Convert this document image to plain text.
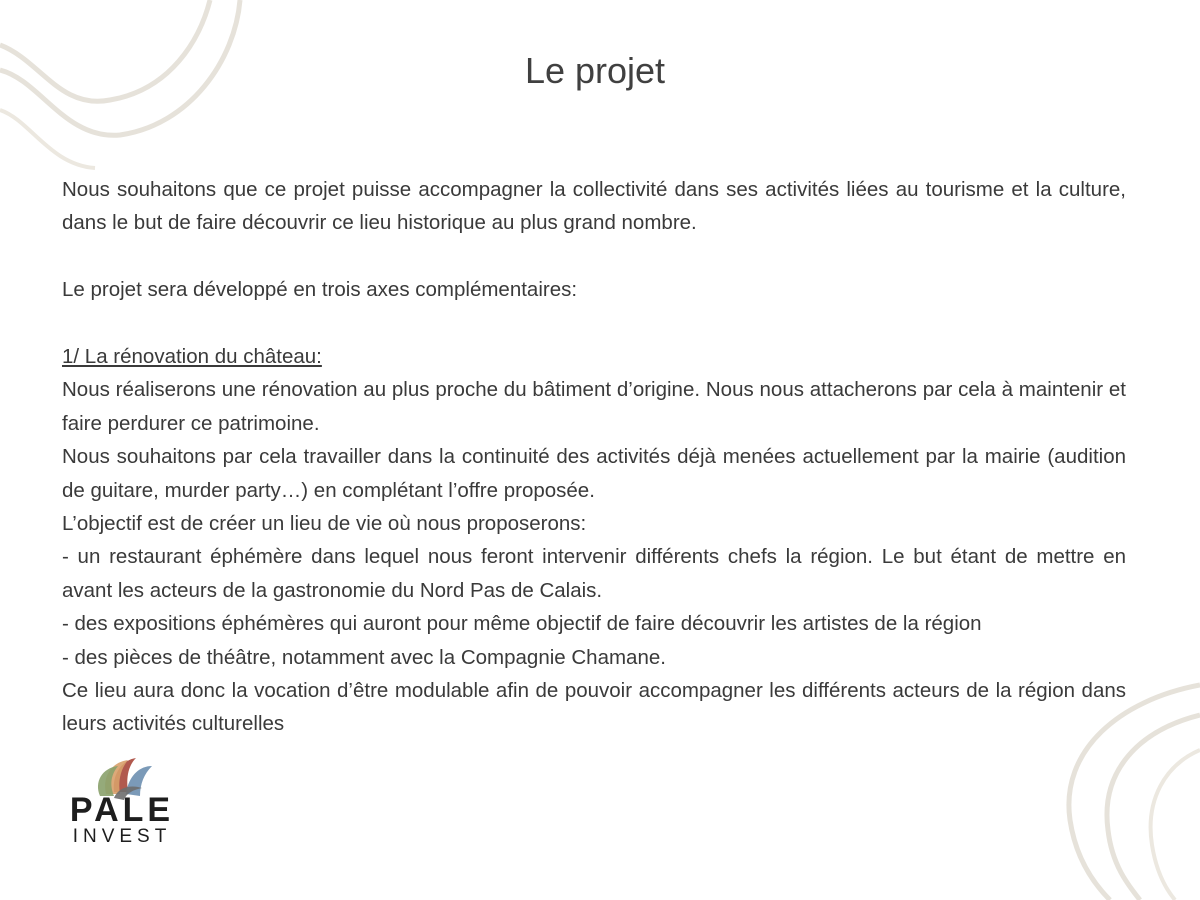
Le projet

Nous souhaitons que ce projet puisse accompagner la collectivité dans ses activités liées au tourisme et la culture, dans le but de faire découvrir ce lieu historique au plus grand nombre.

Le projet sera développé en trois axes complémentaires:

1/ La rénovation du château:

Nous réaliserons une rénovation au plus proche du bâtiment d’origine. Nous nous attacherons par cela à maintenir et faire perdurer ce patrimoine.

Nous souhaitons par cela travailler dans la continuité des activités déjà menées actuellement par la mairie (audition de guitare, murder party…) en complétant l’offre proposée.

L’objectif est de créer un lieu de vie où nous proposerons:

- un restaurant éphémère dans lequel nous feront intervenir différents chefs la région. Le but étant de mettre en avant les acteurs de la gastronomie du Nord Pas de Calais.

- des expositions éphémères qui auront pour même objectif de faire découvrir les artistes de la région

- des pièces de théâtre, notamment avec la Compagnie Chamane.

Ce lieu aura donc la vocation d’être modulable afin de pouvoir accompagner les différents acteurs de la région dans leurs activités culturelles

PALE
INVEST
